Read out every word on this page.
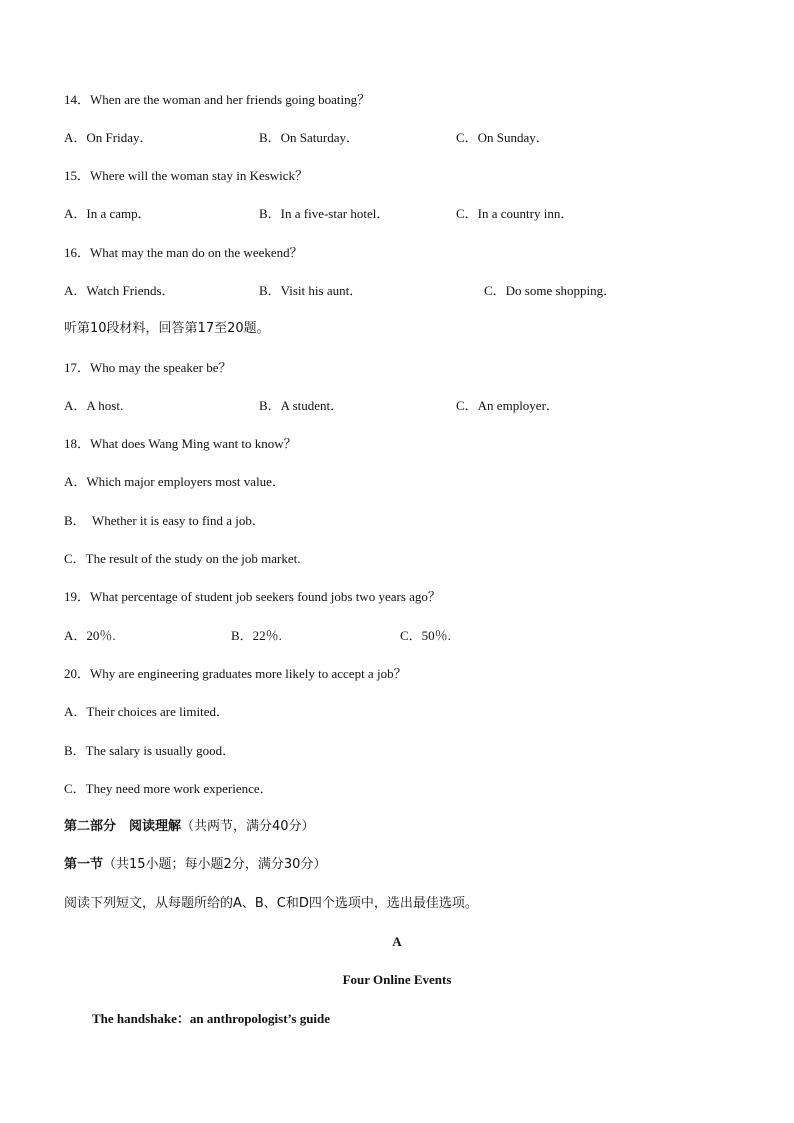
14．When are the woman and her friends going boating？
A．On Friday．	B．On Saturday．	C．On Sunday．
15．Where will the woman stay in Keswick？
A．In a camp．	B．In a five-star hotel．	C．In a country inn．
16．What may the man do on the weekend？
A．Watch Friends．	B．Visit his aunt．	C．Do some shopping．
听第10段材料，回答第17至20题。
17．Who may the speaker be？
A．A host.	B．A student．	C．An employer．
18．What does Wang Ming want to know？
A．Which major employers most value．
B．  Whether it is easy to find a job．
C．The result of the study on the job market.
19．What percentage of student job seekers found jobs two years ago？
A．20％.	B．22％.	C．50％.
20．Why are engineering graduates more likely to accept a job？
A．Their choices are limited．
B．The salary is usually good．
C．They need more work experience．
第二部分　阅读理解（共两节，满分40分）
第一节（共15小题；每小题2分，满分30分）
阅读下列短文，从每题所给的A、B、C和D四个选项中，选出最佳选项。
A
Four Online Events
The handshake：an anthropologist’s guide
